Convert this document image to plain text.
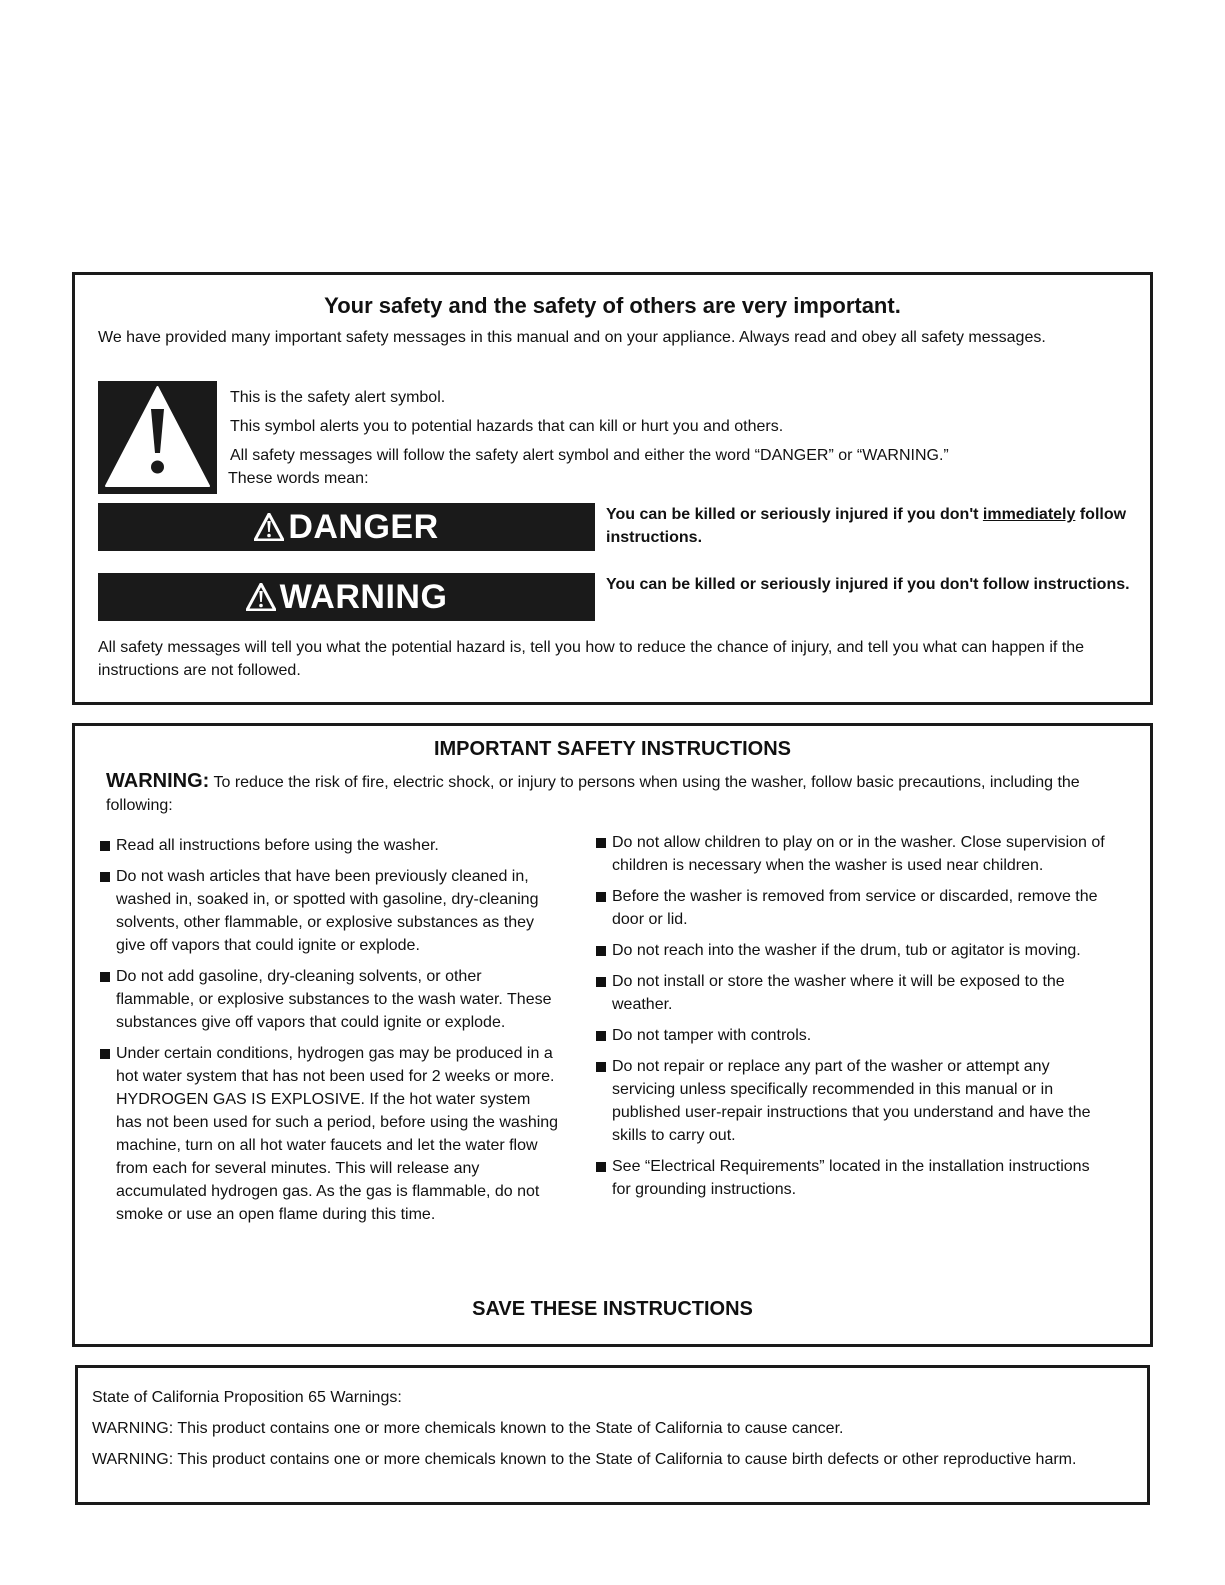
Your safety and the safety of others are very important.

We have provided many important safety messages in this manual and on your appliance. Always read and obey all safety messages.

This is the safety alert symbol.

This symbol alerts you to potential hazards that can kill or hurt you and others.

All safety messages will follow the safety alert symbol and either the word “DANGER” or “WARNING.”

These words mean:

DANGER	You can be killed or seriously injured if you don't immediately follow instructions.

WARNING	You can be killed or seriously injured if you don't follow instructions.

All safety messages will tell you what the potential hazard is, tell you how to reduce the chance of injury, and tell you what can happen if the instructions are not followed.

IMPORTANT SAFETY INSTRUCTIONS

WARNING: To reduce the risk of fire, electric shock, or injury to persons when using the washer, follow basic precautions, including the following:

Read all instructions before using the washer.
Do not wash articles that have been previously cleaned in, washed in, soaked in, or spotted with gasoline, dry-cleaning solvents, other flammable, or explosive substances as they give off vapors that could ignite or explode.
Do not add gasoline, dry-cleaning solvents, or other flammable, or explosive substances to the wash water. These substances give off vapors that could ignite or explode.
Under certain conditions, hydrogen gas may be produced in a hot water system that has not been used for 2 weeks or more. HYDROGEN GAS IS EXPLOSIVE. If the hot water system has not been used for such a period, before using the washing machine, turn on all hot water faucets and let the water flow from each for several minutes. This will release any accumulated hydrogen gas. As the gas is flammable, do not smoke or use an open flame during this time.
Do not allow children to play on or in the washer. Close supervision of children is necessary when the washer is used near children.
Before the washer is removed from service or discarded, remove the door or lid.
Do not reach into the washer if the drum, tub or agitator is moving.
Do not install or store the washer where it will be exposed to the weather.
Do not tamper with controls.
Do not repair or replace any part of the washer or attempt any servicing unless specifically recommended in this manual or in published user-repair instructions that you understand and have the skills to carry out.
See “Electrical Requirements” located in the installation instructions for grounding instructions.

SAVE THESE INSTRUCTIONS

State of California Proposition 65 Warnings:

WARNING: This product contains one or more chemicals known to the State of California to cause cancer.

WARNING: This product contains one or more chemicals known to the State of California to cause birth defects or other reproductive harm.
